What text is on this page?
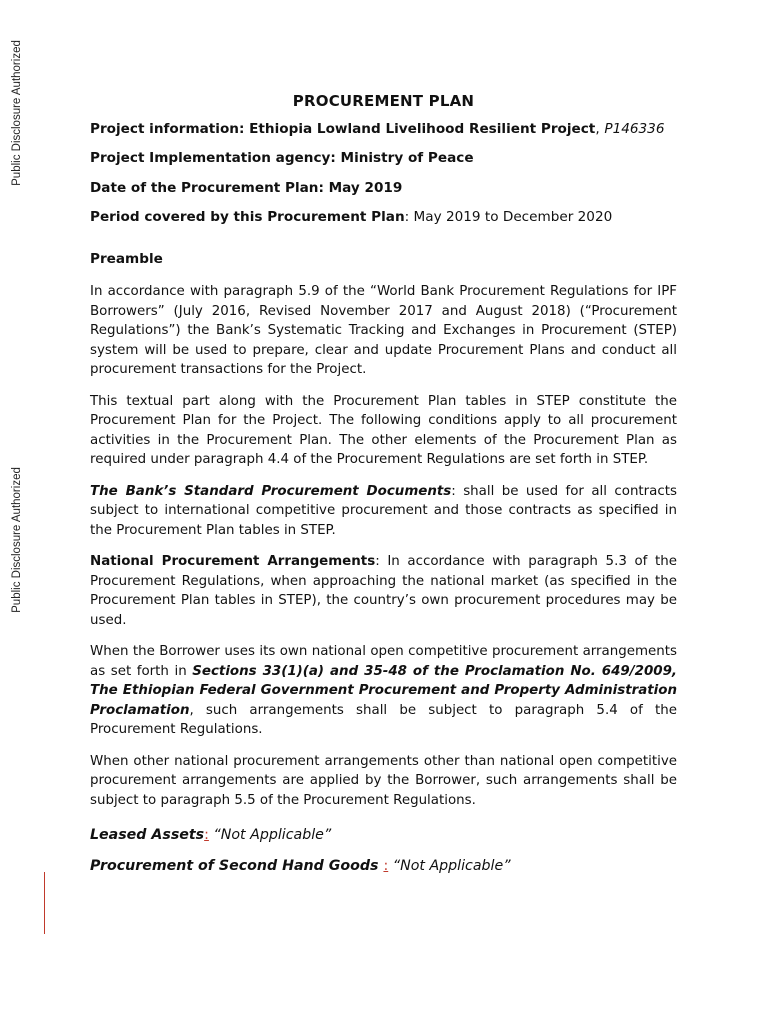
Public Disclosure Authorized
Public Disclosure Authorized
PROCUREMENT PLAN
Project information: Ethiopia Lowland Livelihood Resilient Project, P146336
Project Implementation agency: Ministry of Peace
Date of the Procurement Plan: May 2019
Period covered by this Procurement Plan: May 2019 to December 2020
Preamble

In accordance with paragraph 5.9 of the “World Bank Procurement Regulations for IPF Borrowers” (July 2016, Revised November 2017 and August 2018) (“Procurement Regulations”) the Bank’s Systematic Tracking and Exchanges in Procurement (STEP) system will be used to prepare, clear and update Procurement Plans and conduct all procurement transactions for the Project.

This textual part along with the Procurement Plan tables in STEP constitute the Procurement Plan for the Project. The following conditions apply to all procurement activities in the Procurement Plan. The other elements of the Procurement Plan as required under paragraph 4.4 of the Procurement Regulations are set forth in STEP.

The Bank’s Standard Procurement Documents: shall be used for all contracts subject to international competitive procurement and those contracts as specified in the Procurement Plan tables in STEP.

National Procurement Arrangements: In accordance with paragraph 5.3 of the Procurement Regulations, when approaching the national market (as specified in the Procurement Plan tables in STEP), the country’s own procurement procedures may be used.

When the Borrower uses its own national open competitive procurement arrangements as set forth in Sections 33(1)(a) and 35-48 of the Proclamation No. 649/2009, The Ethiopian Federal Government Procurement and Property Administration Proclamation, such arrangements shall be subject to paragraph 5.4 of the Procurement Regulations.

When other national procurement arrangements other than national open competitive procurement arrangements are applied by the Borrower, such arrangements shall be subject to paragraph 5.5 of the Procurement Regulations.

Leased Assets: “Not Applicable”
Procurement of Second Hand Goods : “Not Applicable”
